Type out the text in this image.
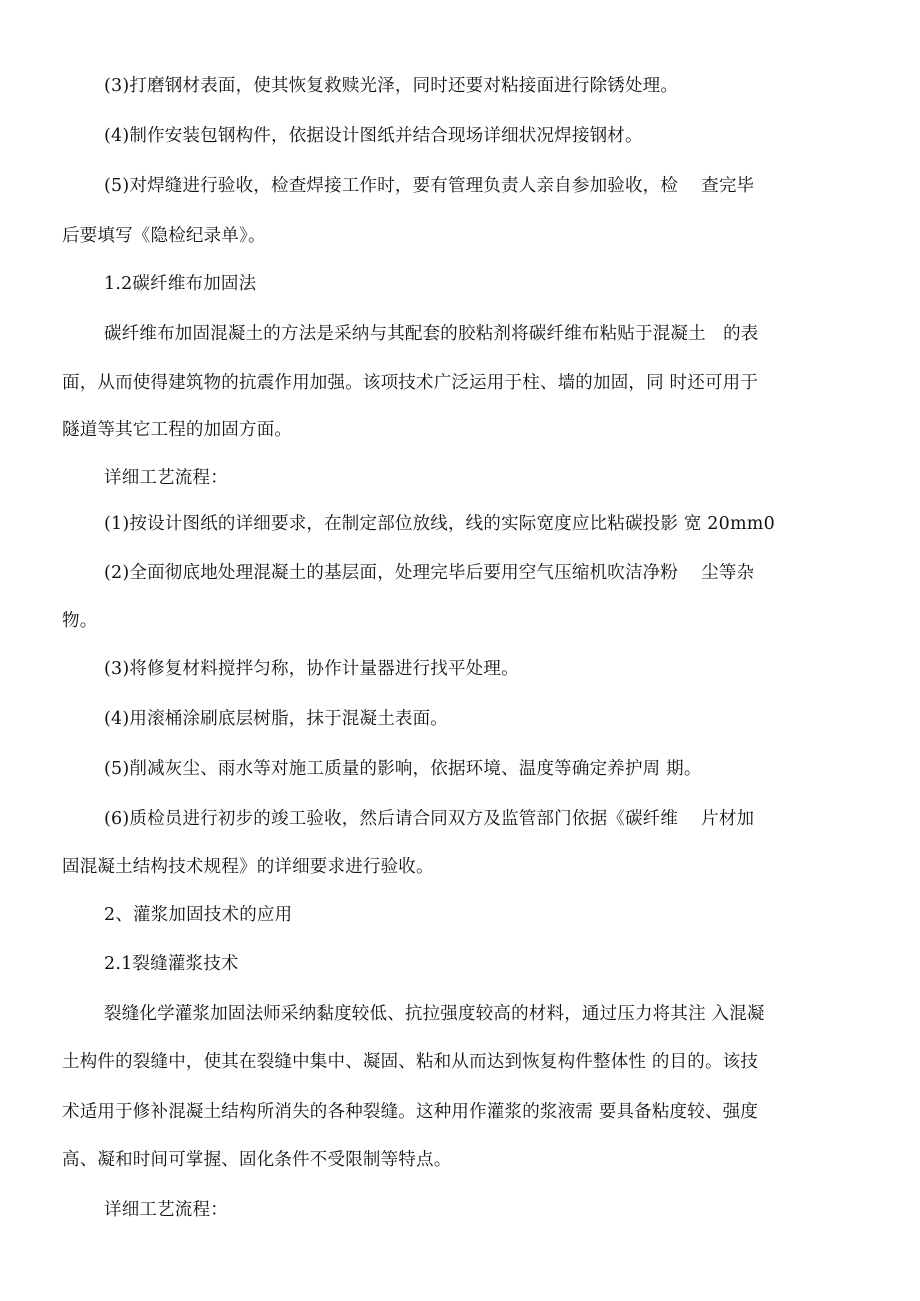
(3)打磨钢材表面，使其恢复救赎光泽，同时还要对粘接面进行除锈处理。
(4)制作安装包钢构件，依据设计图纸并结合现场详细状况焊接钢材。
(5)对焊缝进行验收，检查焊接工作时，要有管理负责人亲自参加验收，检    查完毕
后要填写《隐检纪录单》。
1.2碳纤维布加固法
碳纤维布加固混凝土的方法是采纳与其配套的胶粘剂将碳纤维布粘贴于混凝土   的表
面，从而使得建筑物的抗震作用加强。该项技术广泛运用于柱、墙的加固，同 时还可用于
隧道等其它工程的加固方面。
详细工艺流程：
(1)按设计图纸的详细要求，在制定部位放线，线的实际宽度应比粘碳投影 宽 20mm0
(2)全面彻底地处理混凝土的基层面，处理完毕后要用空气压缩机吹洁净粉    尘等杂
物。
(3)将修复材料搅拌匀称，协作计量器进行找平处理。
(4)用滚桶涂刷底层树脂，抹于混凝土表面。
(5)削减灰尘、雨水等对施工质量的影响，依据环境、温度等确定养护周 期。
(6)质检员进行初步的竣工验收，然后请合同双方及监管部门依据《碳纤维    片材加
固混凝土结构技术规程》的详细要求进行验收。
2、灌浆加固技术的应用
2.1裂缝灌浆技术
裂缝化学灌浆加固法师采纳黏度较低、抗拉强度较高的材料，通过压力将其注 入混凝
土构件的裂缝中，使其在裂缝中集中、凝固、粘和从而达到恢复构件整体性 的目的。该技
术适用于修补混凝土结构所消失的各种裂缝。这种用作灌浆的浆液需 要具备粘度较、强度
高、凝和时间可掌握、固化条件不受限制等特点。
详细工艺流程：
